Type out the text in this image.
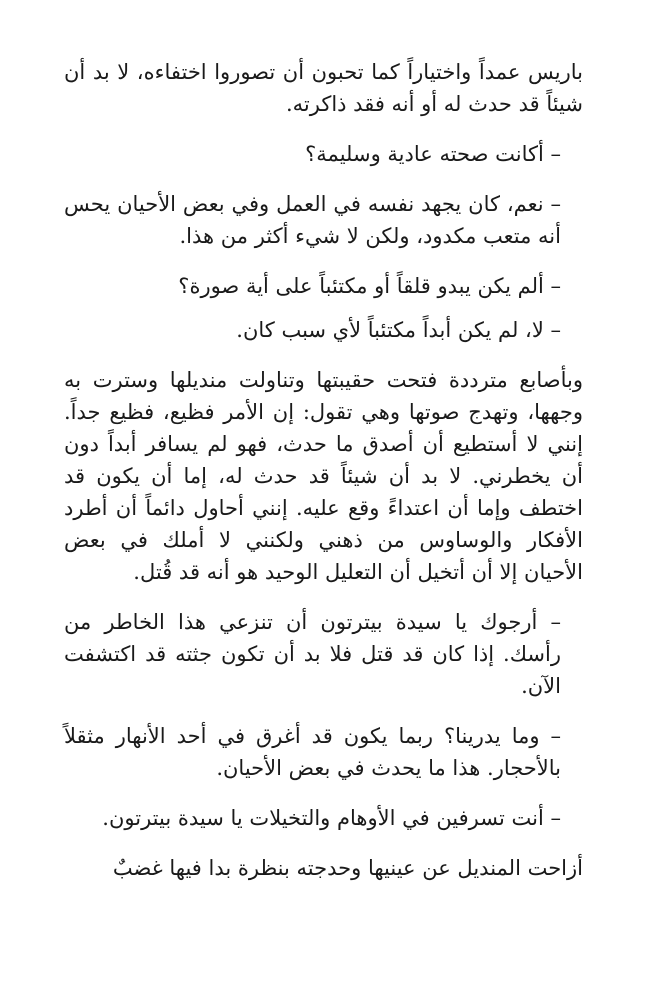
باريس عمداً واختياراً كما تحبون أن تصوروا اختفاءه، لا بد أن شيئاً قد حدث له أو أنه فقد ذاكرته.

– أكانت صحته عادية وسليمة؟

– نعم، كان يجهد نفسه في العمل وفي بعض الأحيان يحس أنه متعب مكدود، ولكن لا شيء أكثر من هذا.

– ألم يكن يبدو قلقاً أو مكتئباً على أية صورة؟

– لا، لم يكن أبداً مكتئباً لأي سبب كان.

وبأصابع مترددة فتحت حقيبتها وتناولت منديلها وسترت به وجهها، وتهدج صوتها وهي تقول: إن الأمر فظيع، فظيع جداً. إنني لا أستطيع أن أصدق ما حدث، فهو لم يسافر أبداً دون أن يخطرني. لا بد أن شيئاً قد حدث له، إما أن يكون قد اختطف وإما أن اعتداءً وقع عليه. إنني أحاول دائماً أن أطرد الأفكار والوساوس من ذهني ولكنني لا أملك في بعض الأحيان إلا أن أتخيل أن التعليل الوحيد هو أنه قد قُتل.

– أرجوك يا سيدة بيترتون أن تنزعي هذا الخاطر من رأسك. إذا كان قد قتل فلا بد أن تكون جثته قد اكتشفت الآن.

– وما يدرينا؟ ربما يكون قد أغرق في أحد الأنهار مثقلاً بالأحجار. هذا ما يحدث في بعض الأحيان.

– أنت تسرفين في الأوهام والتخيلات يا سيدة بيترتون.

أزاحت المنديل عن عينيها وحدجته بنظرة بدا فيها غضبٌ
